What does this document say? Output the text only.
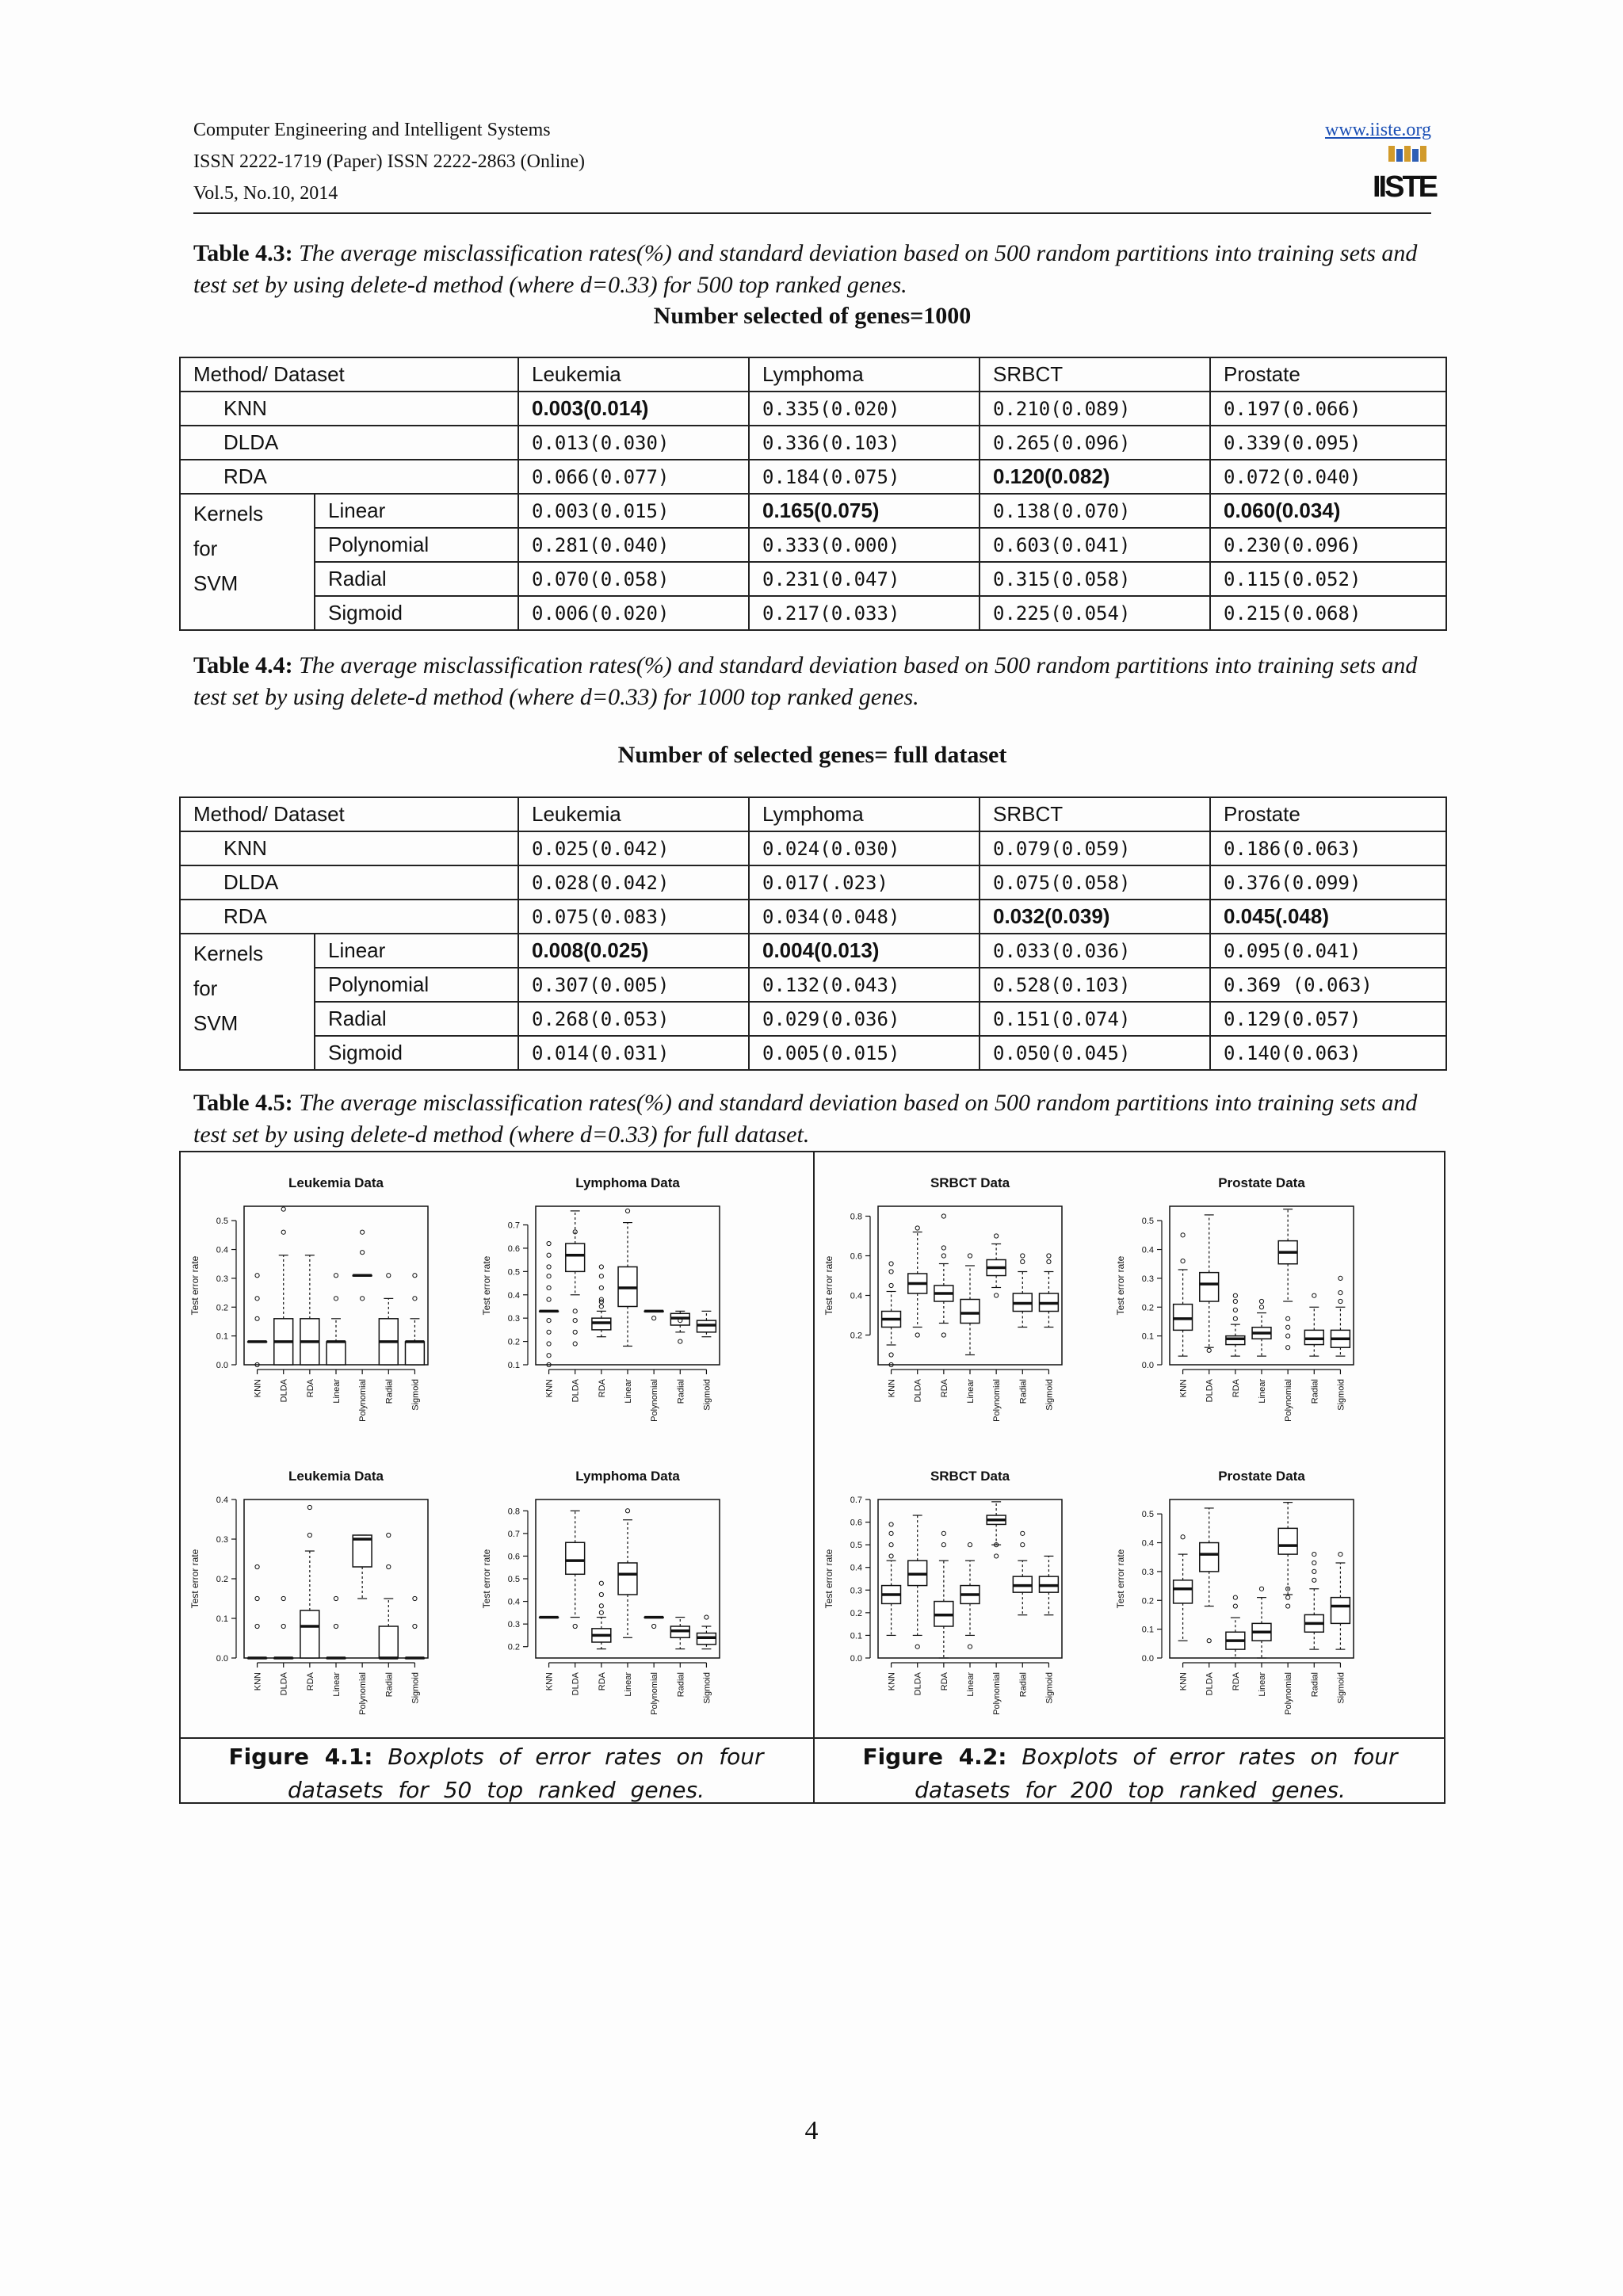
Computer Engineering and Intelligent Systems
ISSN 2222-1719 (Paper) ISSN 2222-2863 (Online)
Vol.5, No.10, 2014
www.iiste.org
IISTE
Table 4.3: The average misclassification rates(%) and standard deviation based on 500 random partitions into training sets and test set by using delete-d method (where d=0.33) for 500 top ranked genes.
Number selected of genes=1000
Method/ Dataset		Leukemia	Lymphoma	SRBCT	Prostate
KNN		0.003(0.014)	0.335(0.020)	0.210(0.089)	0.197(0.066)
DLDA		0.013(0.030)	0.336(0.103)	0.265(0.096)	0.339(0.095)
RDA		0.066(0.077)	0.184(0.075)	0.120(0.082)	0.072(0.040)

Kernels
for
SVM	Linear	0.003(0.015)	0.165(0.075)	0.138(0.070)	0.060(0.034)
	Polynomial	0.281(0.040)	0.333(0.000)	0.603(0.041)	0.230(0.096)
	Radial	0.070(0.058)	0.231(0.047)	0.315(0.058)	0.115(0.052)
	Sigmoid	0.006(0.020)	0.217(0.033)	0.225(0.054)	0.215(0.068)
Table 4.4: The average misclassification rates(%) and standard deviation based on 500 random partitions into training sets and test set by using delete-d method (where d=0.33) for 1000 top ranked genes.
Number of selected genes= full dataset
Method/ Dataset		Leukemia	Lymphoma	SRBCT	Prostate
KNN		0.025(0.042)	0.024(0.030)	0.079(0.059)	0.186(0.063)
DLDA		0.028(0.042)	0.017(.023)	0.075(0.058)	0.376(0.099)
RDA		0.075(0.083)	0.034(0.048)	0.032(0.039)	0.045(.048)

Kernels
for
SVM	Linear	0.008(0.025)	0.004(0.013)	0.033(0.036)	0.095(0.041)
	Polynomial	0.307(0.005)	0.132(0.043)	0.528(0.103)	0.369 (0.063)
	Radial	0.268(0.053)	0.029(0.036)	0.151(0.074)	0.129(0.057)
	Sigmoid	0.014(0.031)	0.005(0.015)	0.050(0.045)	0.140(0.063)
Table 4.5: The average misclassification rates(%) and standard deviation based on 500 random partitions into training sets and test set by using delete-d method (where d=0.33) for full dataset.
Leukemia Data
0.0
0.1
0.2
0.3
0.4
0.5
Test error rate
KNN DLDA RDA Linear Polynomial Radial Sigmoid
Lymphoma Data
0.1
0.2
0.3
0.4
0.5
0.6
0.7
Test error rate
KNN DLDA RDA Linear Polynomial Radial Sigmoid
SRBCT Data
0.2
0.4
0.6
0.8
Test error rate
KNN DLDA RDA Linear Polynomial Radial Sigmoid
Prostate Data
0.0
0.1
0.2
0.3
0.4
0.5
Test error rate
KNN DLDA RDA Linear Polynomial Radial Sigmoid
Leukemia Data
0.0
0.1
0.2
0.3
0.4
Test error rate
KNN DLDA RDA Linear Polynomial Radial Sigmoid
Lymphoma Data
0.2
0.3
0.4
0.5
0.6
0.7
0.8
Test error rate
KNN DLDA RDA Linear Polynomial Radial Sigmoid
SRBCT Data
0.0
0.1
0.2
0.3
0.4
0.5
0.6
0.7
Test error rate
KNN DLDA RDA Linear Polynomial Radial Sigmoid
Prostate Data
0.0
0.1
0.2
0.3
0.4
0.5
Test error rate
KNN DLDA RDA Linear Polynomial Radial Sigmoid
Figure 4.1: Boxplots of error rates on four datasets for 50 top ranked genes.
Figure 4.2: Boxplots of error rates on four datasets for 200 top ranked genes.
4
